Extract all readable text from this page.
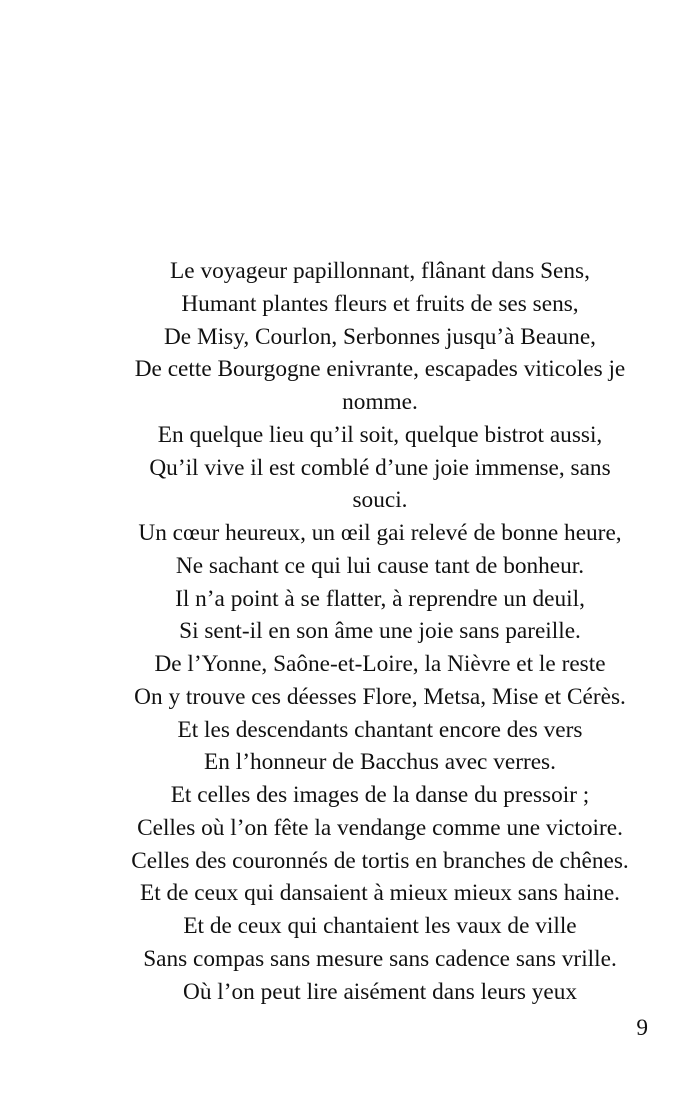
Le voyageur papillonnant, flânant dans Sens,
Humant plantes fleurs et fruits de ses sens,
De Misy, Courlon, Serbonnes jusqu’à Beaune,
De cette Bourgogne enivrante, escapades viticoles je
nomme.
En quelque lieu qu’il soit, quelque bistrot aussi,
Qu’il vive il est comblé d’une joie immense, sans
souci.
Un cœur heureux, un œil gai relevé de bonne heure,
Ne sachant ce qui lui cause tant de bonheur.
Il n’a point à se flatter, à reprendre un deuil,
Si sent-il en son âme une joie sans pareille.
De l’Yonne, Saône-et-Loire, la Nièvre et le reste
On y trouve ces déesses Flore, Metsa, Mise et Cérès.
Et les descendants chantant encore des vers
En l’honneur de Bacchus avec verres.
Et celles des images de la danse du pressoir ;
Celles où l’on fête la vendange comme une victoire.
Celles des couronnés de tortis en branches de chênes.
Et de ceux qui dansaient à mieux mieux sans haine.
Et de ceux qui chantaient les vaux de ville
Sans compas sans mesure sans cadence sans vrille.
Où l’on peut lire aisément dans leurs yeux
9
